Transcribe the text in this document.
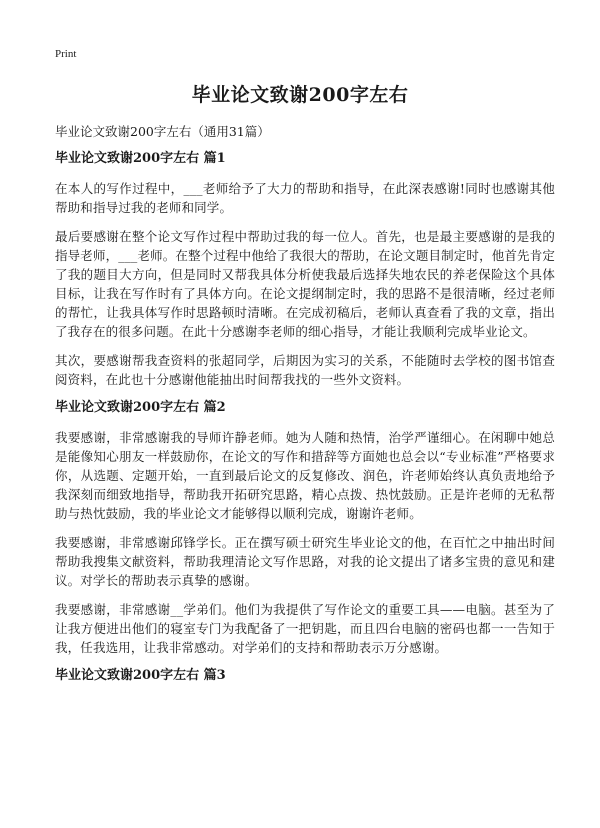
Print
毕业论文致谢200字左右

毕业论文致谢200字左右（通用31篇）

毕业论文致谢200字左右 篇1

在本人的写作过程中，___老师给予了大力的帮助和指导，在此深表感谢!同时也感谢其他帮助和指导过我的老师和同学。

最后要感谢在整个论文写作过程中帮助过我的每一位人。首先，也是最主要感谢的是我的指导老师，___老师。在整个过程中他给了我很大的帮助，在论文题目制定时，他首先肯定了我的题目大方向，但是同时又帮我具体分析使我最后选择失地农民的养老保险这个具体目标，让我在写作时有了具体方向。在论文提纲制定时，我的思路不是很清晰，经过老师的帮忙，让我具体写作时思路顿时清晰。在完成初稿后，老师认真查看了我的文章，指出了我存在的很多问题。在此十分感谢李老师的细心指导，才能让我顺利完成毕业论文。

其次，要感谢帮我查资料的张超同学，后期因为实习的关系，不能随时去学校的图书馆查阅资料，在此也十分感谢他能抽出时间帮我找的一些外文资料。

毕业论文致谢200字左右 篇2

我要感谢，非常感谢我的导师许静老师。她为人随和热情，治学严谨细心。在闲聊中她总是能像知心朋友一样鼓励你，在论文的写作和措辞等方面她也总会以“专业标准”严格要求你，从选题、定题开始，一直到最后论文的反复修改、润色，许老师始终认真负责地给予我深刻而细致地指导，帮助我开拓研究思路，精心点拨、热忱鼓励。正是许老师的无私帮助与热忱鼓励，我的毕业论文才能够得以顺利完成，谢谢许老师。

我要感谢，非常感谢邱锋学长。正在撰写硕士研究生毕业论文的他，在百忙之中抽出时间帮助我搜集文献资料，帮助我理清论文写作思路，对我的论文提出了诸多宝贵的意见和建议。对学长的帮助表示真挚的感谢。

我要感谢，非常感谢__学弟们。他们为我提供了写作论文的重要工具——电脑。甚至为了让我方便进出他们的寝室专门为我配备了一把钥匙，而且四台电脑的密码也都一一告知于我，任我选用，让我非常感动。对学弟们的支持和帮助表示万分感谢。

毕业论文致谢200字左右 篇3
